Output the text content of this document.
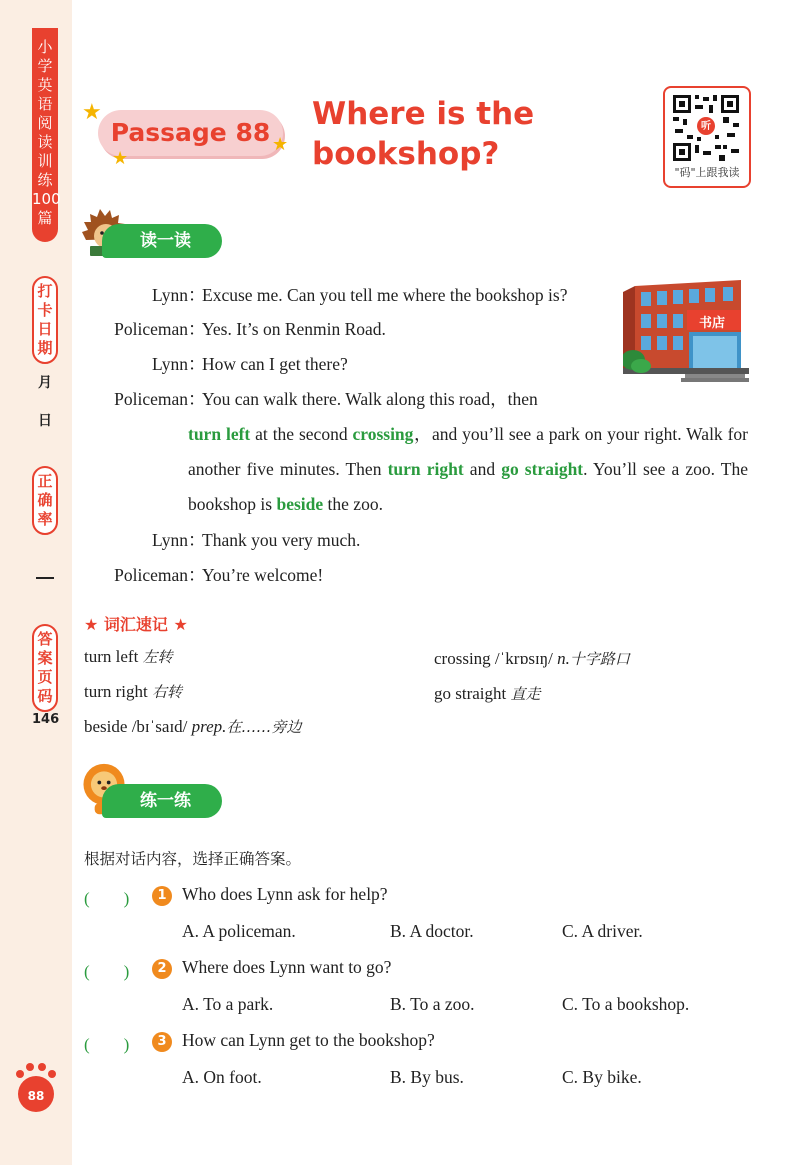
小学英语阅读训练100篇
打卡日期
月
日
正确率
答案页码
146
88
Passage 88
★
★
★
Where is the bookshop?
听
"码"上跟我读
读一读
书店
Lynn：Excuse me. Can you tell me where the bookshop is?
Policeman：Yes. It’s on Renmin Road.
Lynn：How can I get there?
Policeman：You can walk there. Walk along this road，then
turn left at the second crossing，and you’ll see a park on your right. Walk for another five minutes. Then turn right and go straight. You’ll see a zoo. The bookshop is beside the zoo.
Lynn：Thank you very much.
Policeman：You’re welcome!
★ 词汇速记 ★
turn left 左转	crossing /ˈkrɒsɪŋ/ n.十字路口
turn right 右转	go straight 直走
beside /bɪˈsaɪd/ prep.在……旁边
练一练
根据对话内容，选择正确答案。
(　　)	1 Who does Lynn ask for help?
A. A policeman.	B. A doctor.	C. A driver.
(　　)	2 Where does Lynn want to go?
A. To a park.	B. To a zoo.	C. To a bookshop.
(　　)	3 How can Lynn get to the bookshop?
A. On foot.	B. By bus.	C. By bike.
